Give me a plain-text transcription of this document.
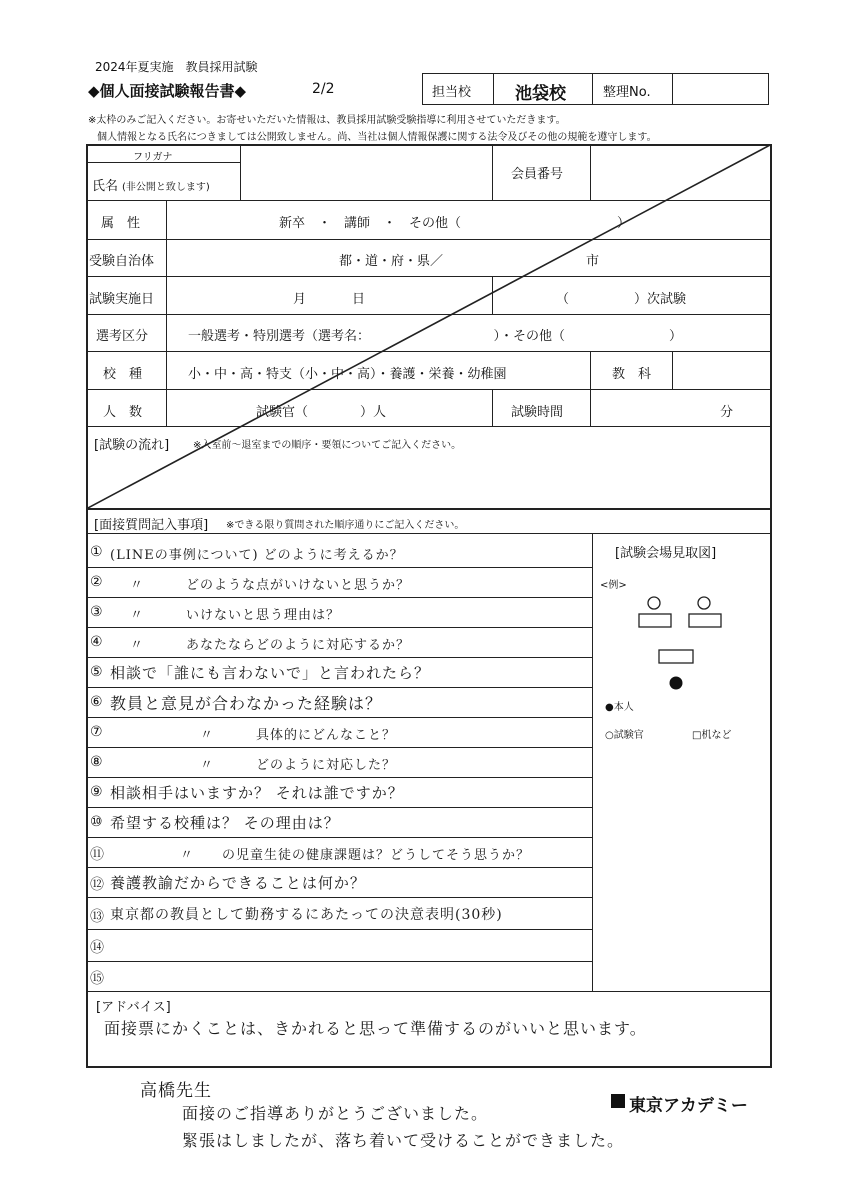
2024年夏実施　教員採用試験
◆個人面接試験報告書◆	2/2	担当校	池袋校	整理No.
※太枠のみご記入ください。お寄せいただいた情報は、教員採用試験受験指導に利用させていただきます。
個人情報となる氏名につきましては公開致しません。尚、当社は個人情報保護に関する法令及びその他の規範を遵守します。
フリガナ
氏名 (非公開と致します)
会員番号
属　性	新卒　・　講師　・　その他（　　　　　　　　　　　　）
受験自治体	都・道・府・県／	市
試験実施日	月	日	（　　　　　）次試験
選考区分	一般選考・特別選考（選考名：　　　　　　　　　　）・その他（　　　　　　　　）
校　種	小・中・高・特支（小・中・高）・養護・栄養・幼稚園	教　科
人　数	試験官（　　　　）人	試験時間	分
[試験の流れ] ※入室前〜退室までの順序・要領についてご記入ください。
[面接質問記入事項] ※できる限り質問された順序通りにご記入ください。
① (LINEの事例について) どのように考えるか？
② 〃　　　どのような点がいけないと思うか？
③ 〃　　　いけないと思う理由は？
④ 〃　　　あなたならどのように対応するか？
⑤ 相談で「誰にも言わないで」と言われたら？
⑥ 教員と意見が合わなかった経験は？
⑦	〃　　　具体的にどんなこと？
⑧	〃　　　どのように対応した？
⑨ 相談相手はいますか？ それは誰ですか？
⑩ 希望する校種は？ その理由は？
⑪	〃　　の児童生徒の健康課題は？どうしてそう思うか？
⑫ 養護教諭だからできることは何か？
⑬ 東京都の教員として勤務するにあたっての決意表明(30秒)
⑭
⑮
[試験会場見取図]
<例>
●本人
○試験官	□机など
[アドバイス]
面接票にかくことは、きかれると思って準備するのがいいと思います。
高橋先生
面接のご指導ありがとうございました。
緊張はしましたが、落ち着いて受けることができました。
東京アカデミー
